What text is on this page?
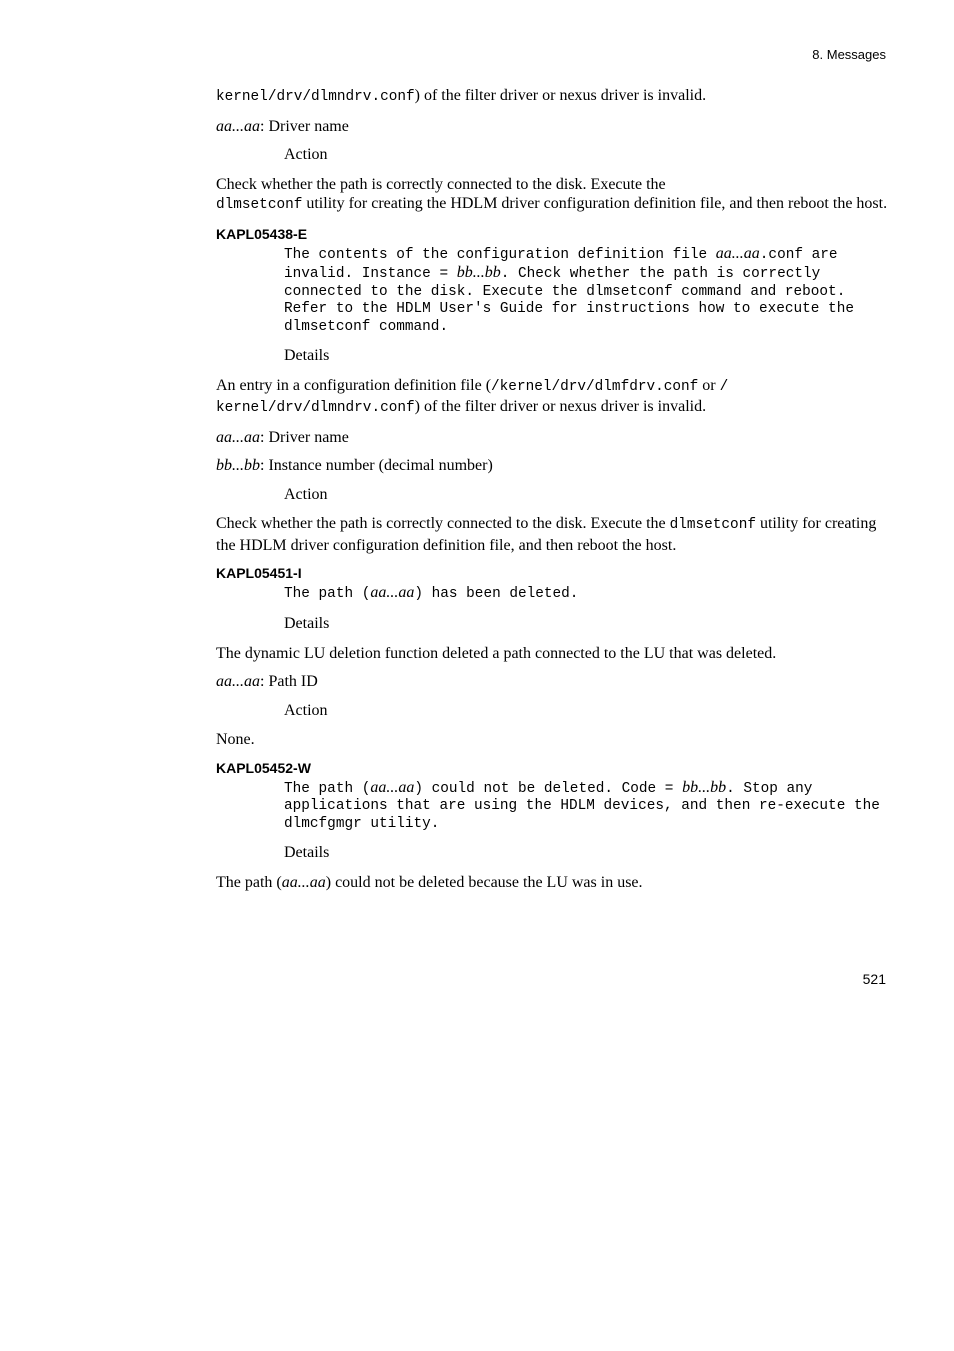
8. Messages
kernel/drv/dlmndrv.conf) of the filter driver or nexus driver is invalid.
aa...aa: Driver name
Action
Check whether the path is correctly connected to the disk. Execute the
dlmsetconf utility for creating the HDLM driver configuration definition file, and then reboot the host.
KAPL05438-E
The contents of the configuration definition file aa...aa.conf are invalid. Instance = bb...bb. Check whether the path is correctly connected to the disk. Execute the dlmsetconf command and reboot. Refer to the HDLM User's Guide for instructions how to execute the dlmsetconf command.
Details
An entry in a configuration definition file (/kernel/drv/dlmfdrv.conf or / kernel/drv/dlmndrv.conf) of the filter driver or nexus driver is invalid.
aa...aa: Driver name
bb...bb: Instance number (decimal number)
Action
Check whether the path is correctly connected to the disk. Execute the dlmsetconf utility for creating the HDLM driver configuration definition file, and then reboot the host.
KAPL05451-I
The path (aa...aa) has been deleted.
Details
The dynamic LU deletion function deleted a path connected to the LU that was deleted.
aa...aa: Path ID
Action
None.
KAPL05452-W
The path (aa...aa) could not be deleted. Code = bb...bb. Stop any applications that are using the HDLM devices, and then re-execute the dlmcfgmgr utility.
Details
The path (aa...aa) could not be deleted because the LU was in use.
521
